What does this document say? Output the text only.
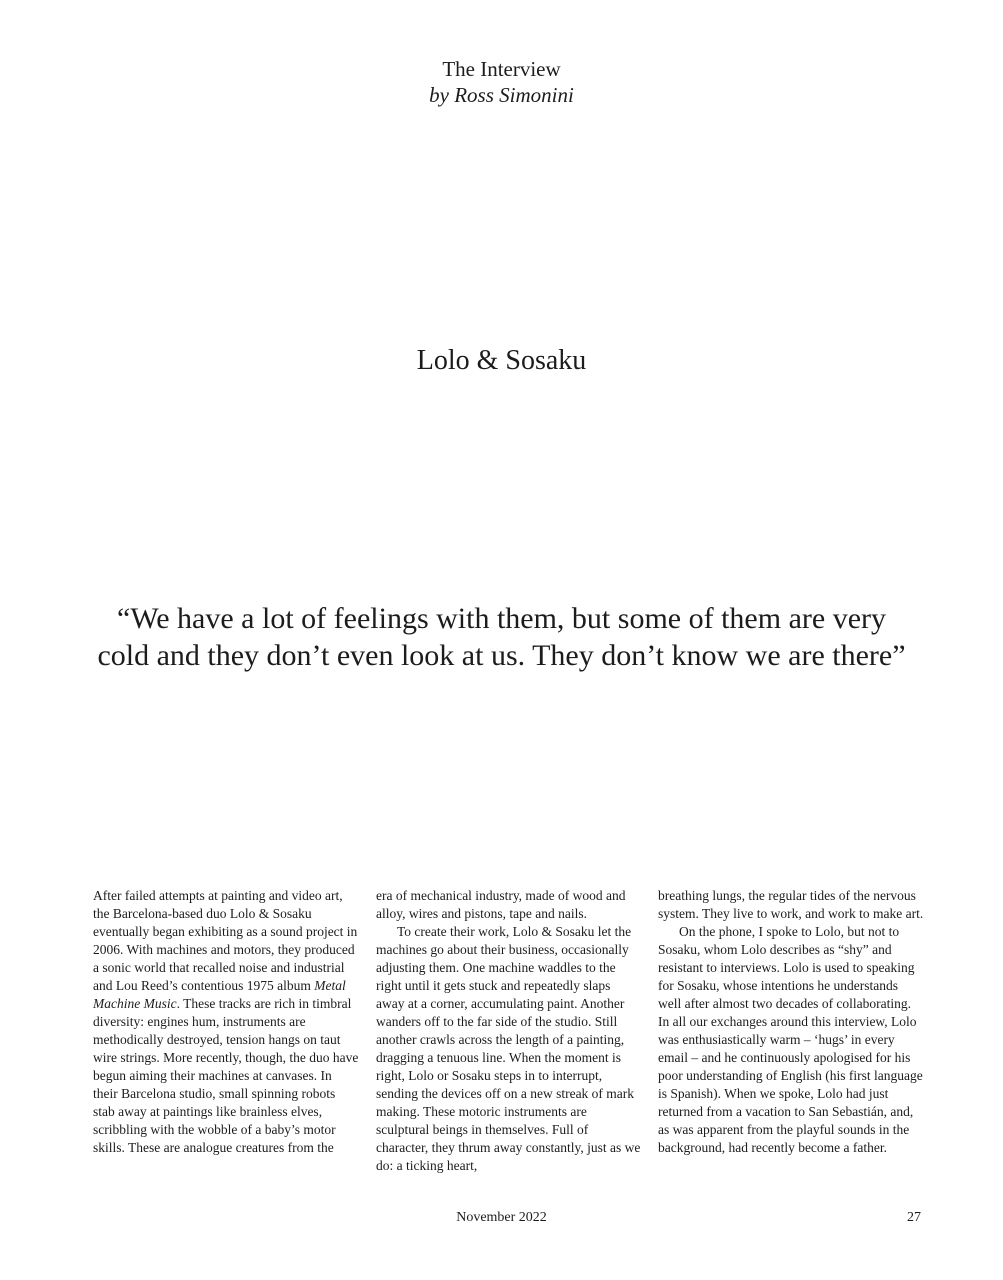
The Interview
by Ross Simonini
Lolo & Sosaku
“We have a lot of feelings with them, but some of them are very cold and they don’t even look at us. They don’t know we are there”

After failed attempts at painting and video art, the Barcelona-based duo Lolo & Sosaku eventually began exhibiting as a sound project in 2006. With machines and motors, they produced a sonic world that recalled noise and industrial and Lou Reed’s contentious 1975 album Metal Machine Music. These tracks are rich in timbral diversity: engines hum, instruments are methodically destroyed, tension hangs on taut wire strings. More recently, though, the duo have begun aiming their machines at canvases. In their Barcelona studio, small spinning robots stab away at paintings like brainless elves, scribbling with the wobble of a baby’s motor skills. These are analogue creatures from the

era of mechanical industry, made of wood and alloy, wires and pistons, tape and nails.

To create their work, Lolo & Sosaku let the machines go about their business, occasionally adjusting them. One machine waddles to the right until it gets stuck and repeatedly slaps away at a corner, accumulating paint. Another wanders off to the far side of the studio. Still another crawls across the length of a painting, dragging a tenuous line. When the moment is right, Lolo or Sosaku steps in to interrupt, sending the devices off on a new streak of mark making. These motoric instruments are sculptural beings in themselves. Full of character, they thrum away constantly, just as we do: a ticking heart,

breathing lungs, the regular tides of the nervous system. They live to work, and work to make art.

On the phone, I spoke to Lolo, but not to Sosaku, whom Lolo describes as “shy” and resistant to interviews. Lolo is used to speaking for Sosaku, whose intentions he understands well after almost two decades of collaborating. In all our exchanges around this interview, Lolo was enthusiastically warm – ‘hugs’ in every email – and he continuously apologised for his poor understanding of English (his first language is Spanish). When we spoke, Lolo had just returned from a vacation to San Sebastián, and, as was apparent from the playful sounds in the background, had recently become a father.

November 2022	27
